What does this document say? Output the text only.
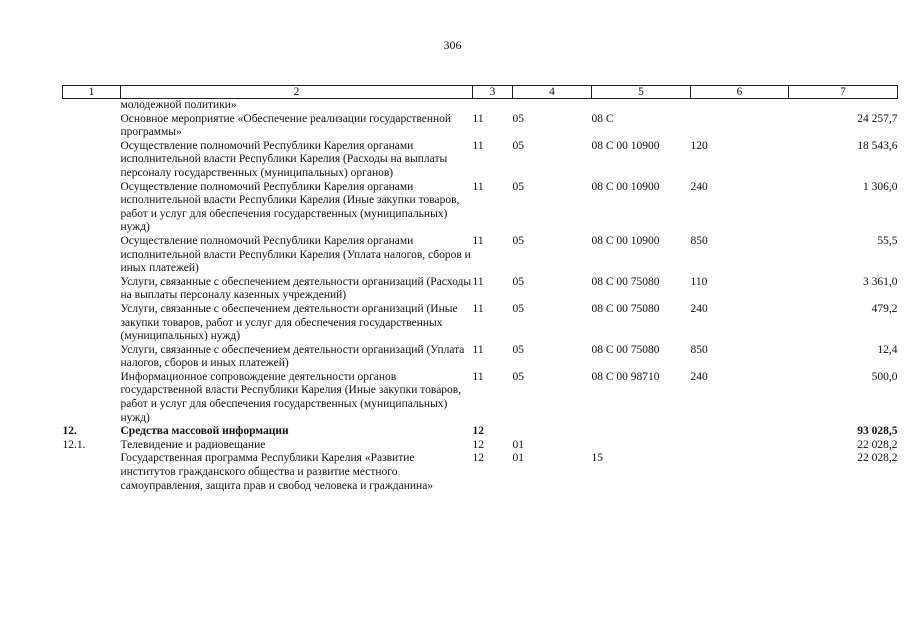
306
1	2	3	4	5	6	7
	молодежной политики»					
	Основное мероприятие «Обеспечение реализации государственной программы»	11	05	08 С		24 257,7
	Осуществление полномочий Республики Карелия органами исполнительной власти Республики Карелия (Расходы на выплаты персоналу государственных (муниципальных) органов)	11	05	08 С 00 10900	120	18 543,6
	Осуществление полномочий Республики Карелия органами исполнительной власти Республики Карелия (Иные закупки товаров, работ и услуг для обеспечения государственных (муниципальных) нужд)	11	05	08 С 00 10900	240	1 306,0
	Осуществление полномочий Республики Карелия органами исполнительной власти Республики Карелия (Уплата налогов, сборов и иных платежей)	11	05	08 С 00 10900	850	55,5
	Услуги, связанные с обеспечением деятельности организаций (Расходы на выплаты персоналу казенных учреждений)	11	05	08 С 00 75080	110	3 361,0
	Услуги, связанные с обеспечением деятельности организаций (Иные закупки товаров, работ и услуг для обеспечения государственных (муниципальных) нужд)	11	05	08 С 00 75080	240	479,2
	Услуги, связанные с обеспечением деятельности организаций (Уплата налогов, сборов и иных платежей)	11	05	08 С 00 75080	850	12,4
	Информационное сопровождение деятельности органов государственной власти Республики Карелия (Иные закупки товаров, работ и услуг для обеспечения государственных (муниципальных) нужд)	11	05	08 С 00 98710	240	500,0
12.	Средства массовой информации	12				93 028,5
12.1.	Телевидение и радиовещание	12	01			22 028,2
	Государственная программа Республики Карелия «Развитие институтов гражданского общества и развитие местного самоуправления, защита прав и свобод человека и гражданина»	12	01	15		22 028,2
